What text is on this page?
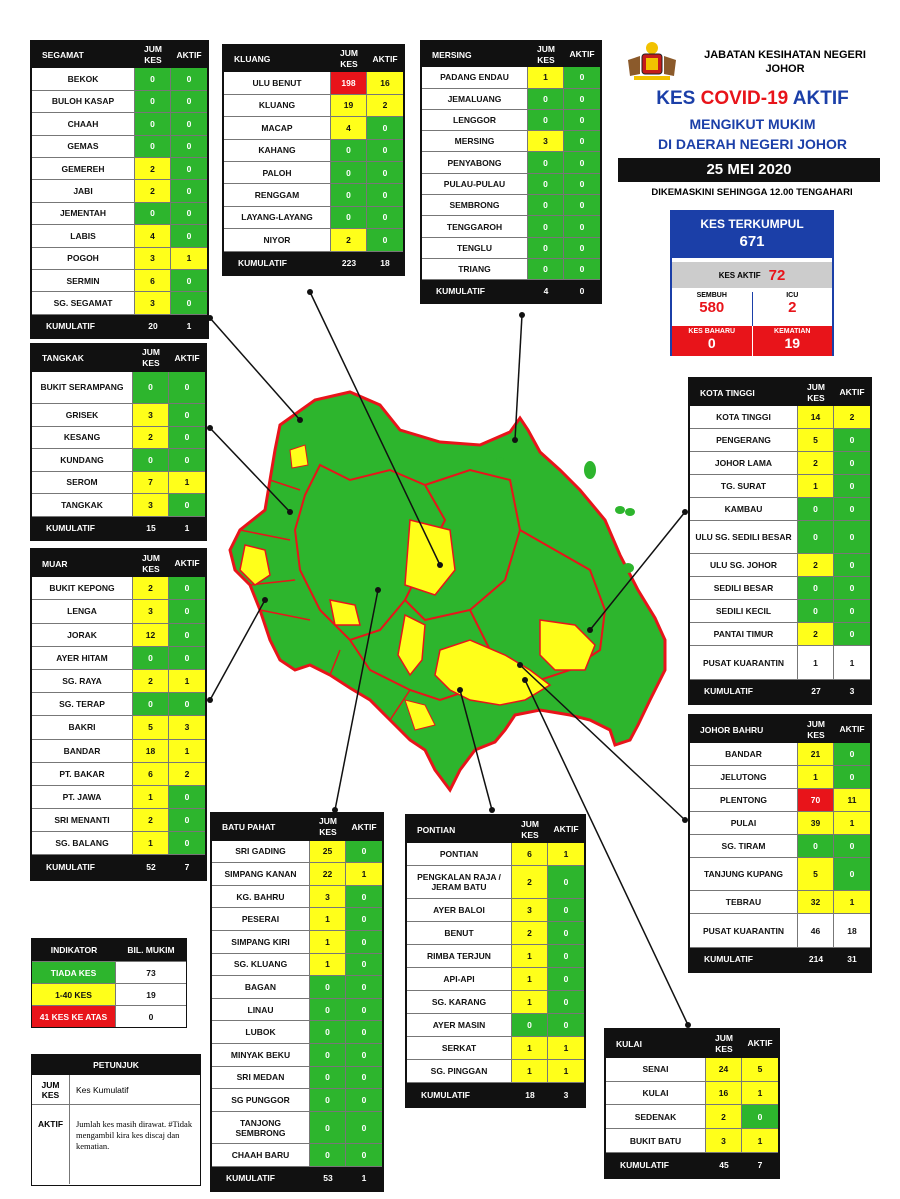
JABATAN KESIHATAN NEGERI JOHOR
KES COVID-19 AKTIF
MENGIKUT MUKIM
DI DAERAH NEGERI JOHOR
25 MEI 2020
DIKEMASKINI SEHINGGA 12.00 TENGAHARI
KES TERKUMPUL
671
KES AKTIF 72
SEMBUH
580
ICU
2
KES BAHARU
0
KEMATIAN
19
SEGAMAT
JUM KES
AKTIF
BEKOK	0	0
BULOH KASAP	0	0
CHAAH	0	0
GEMAS	0	0
GEMEREH	2	0
JABI	2	0
JEMENTAH	0	0
LABIS	4	0
POGOH	3	1
SERMIN	6	0
SG. SEGAMAT	3	0
KUMULATIF	20	1
KLUANG
JUM KES
AKTIF
ULU BENUT	198	16
KLUANG	19	2
MACAP	4	0
KAHANG	0	0
PALOH	0	0
RENGGAM	0	0
LAYANG-LAYANG	0	0
NIYOR	2	0
KUMULATIF	223	18
MERSING
JUM KES
AKTIF
PADANG ENDAU	1	0
JEMALUANG	0	0
LENGGOR	0	0
MERSING	3	0
PENYABONG	0	0
PULAU-PULAU	0	0
SEMBRONG	0	0
TENGGAROH	0	0
TENGLU	0	0
TRIANG	0	0
KUMULATIF	4	0
TANGKAK
JUM KES
AKTIF
BUKIT SERAMPANG	0	0
GRISEK	3	0
KESANG	2	0
KUNDANG	0	0
SEROM	7	1
TANGKAK	3	0
KUMULATIF	15	1
MUAR
JUM KES
AKTIF
BUKIT KEPONG	2	0
LENGA	3	0
JORAK	12	0
AYER HITAM	0	0
SG. RAYA	2	1
SG. TERAP	0	0
BAKRI	5	3
BANDAR	18	1
PT. BAKAR	6	2
PT. JAWA	1	0
SRI MENANTI	2	0
SG. BALANG	1	0
KUMULATIF	52	7
KOTA TINGGI
JUM KES
AKTIF
KOTA TINGGI	14	2
PENGERANG	5	0
JOHOR LAMA	2	0
TG. SURAT	1	0
KAMBAU	0	0
ULU SG. SEDILI BESAR	0	0
ULU SG. JOHOR	2	0
SEDILI BESAR	0	0
SEDILI KECIL	0	0
PANTAI TIMUR	2	0
PUSAT KUARANTIN	1	1
KUMULATIF	27	3
JOHOR BAHRU
JUM KES
AKTIF
BANDAR	21	0
JELUTONG	1	0
PLENTONG	70	11
PULAI	39	1
SG. TIRAM	0	0
TANJUNG KUPANG	5	0
TEBRAU	32	1
PUSAT KUARANTIN	46	18
KUMULATIF	214	31
BATU PAHAT
JUM KES
AKTIF
SRI GADING	25	0
SIMPANG KANAN	22	1
KG. BAHRU	3	0
PESERAI	1	0
SIMPANG KIRI	1	0
SG. KLUANG	1	0
BAGAN	0	0
LINAU	0	0
LUBOK	0	0
MINYAK BEKU	0	0
SRI MEDAN	0	0
SG PUNGGOR	0	0
TANJONG SEMBRONG	0	0
CHAAH BARU	0	0
KUMULATIF	53	1
PONTIAN
JUM KES
AKTIF
PONTIAN	6	1
PENGKALAN RAJA / JERAM BATU	2	0
AYER BALOI	3	0
BENUT	2	0
RIMBA TERJUN	1	0
API-API	1	0
SG. KARANG	1	0
AYER MASIN	0	0
SERKAT	1	1
SG. PINGGAN	1	1
KUMULATIF	18	3
KULAI
JUM KES
AKTIF
SENAI	24	5
KULAI	16	1
SEDENAK	2	0
BUKIT BATU	3	1
KUMULATIF	45	7
INDIKATOR	BIL. MUKIM
TIADA KES	73
1-40 KES	19
41 KES KE ATAS	0
PETUNJUK
JUM KES	Kes Kumulatif
AKTIF	Jumlah kes masih dirawat. #Tidak mengambil kira kes discaj dan kematian.
